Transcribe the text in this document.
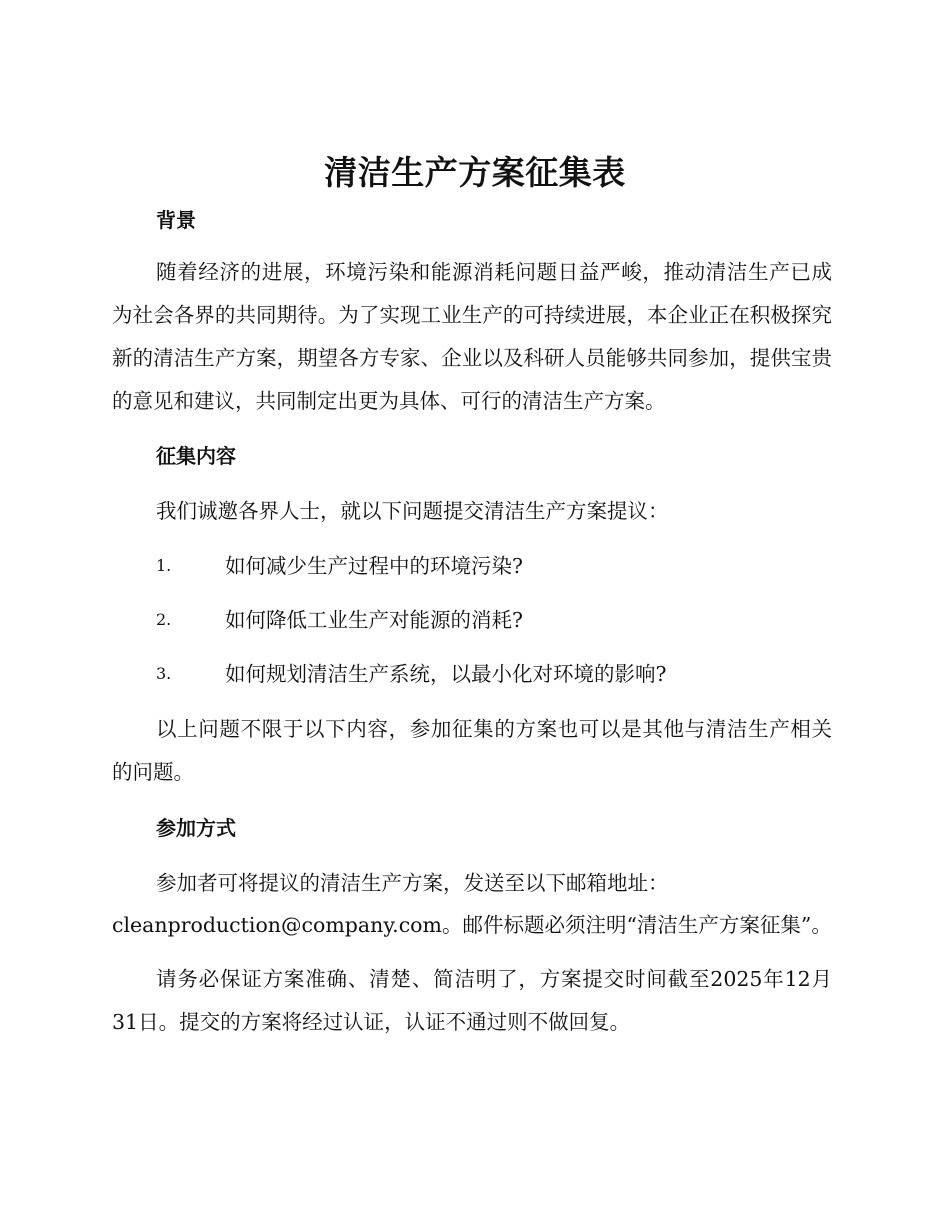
清洁生产方案征集表
背景
随着经济的进展，环境污染和能源消耗问题日益严峻，推动清洁生产已成为社会各界的共同期待。为了实现工业生产的可持续进展，本企业正在积极探究新的清洁生产方案，期望各方专家、企业以及科研人员能够共同参加，提供宝贵的意见和建议，共同制定出更为具体、可行的清洁生产方案。
征集内容
我们诚邀各界人士，就以下问题提交清洁生产方案提议：
1.	如何减少生产过程中的环境污染?
2.	如何降低工业生产对能源的消耗?
3.	如何规划清洁生产系统，以最小化对环境的影响?
以上问题不限于以下内容，参加征集的方案也可以是其他与清洁生产相关的问题。
参加方式
参加者可将提议的清洁生产方案，发送至以下邮箱地址：
cleanproduction@company.com。邮件标题必须注明“清洁生产方案征集”。
请务必保证方案准确、清楚、简洁明了，方案提交时间截至2025年12月31日。提交的方案将经过认证，认证不通过则不做回复。
